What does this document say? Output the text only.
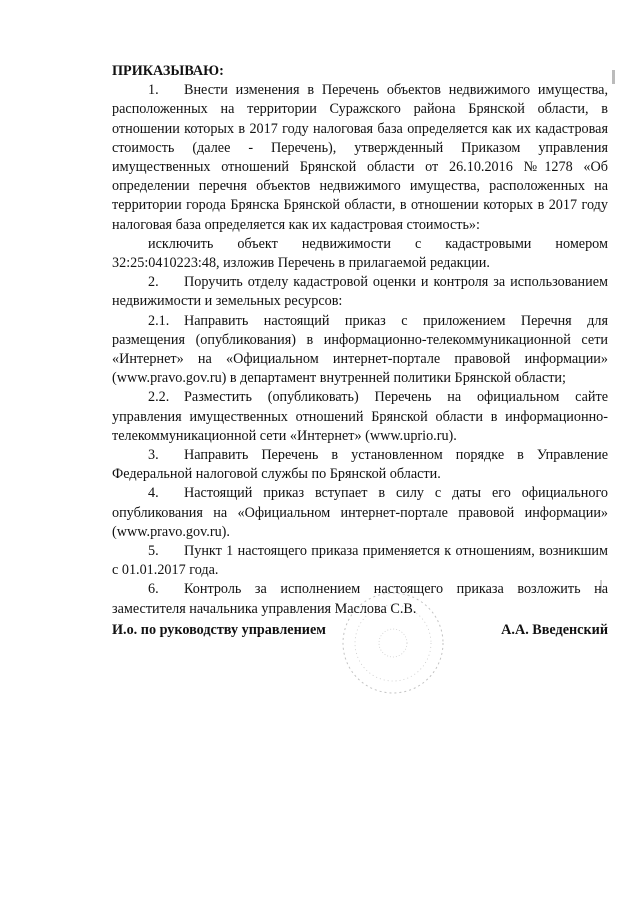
ПРИКАЗЫВАЮ:

1. Внести изменения в Перечень объектов недвижимого имущества, расположенных на территории Суражского района Брянской области, в отношении которых в 2017 году налоговая база определяется как их кадастровая стоимость (далее - Перечень), утвержденный Приказом управления имущественных отношений Брянской области от 26.10.2016 №1278 «Об определении перечня объектов недвижимого имущества, расположенных на территории города Брянска Брянской области, в отношении которых в 2017 году налоговая база определяется как их кадастровая стоимость»:

исключить объект недвижимости с кадастровыми номером 32:25:0410223:48, изложив Перечень в прилагаемой редакции.

2. Поручить отделу кадастровой оценки и контроля за использованием недвижимости и земельных ресурсов:

2.1. Направить настоящий приказ с приложением Перечня для размещения (опубликования) в информационно-телекоммуникационной сети «Интернет» на «Официальном интернет-портале правовой информации» (www.pravo.gov.ru) в департамент внутренней политики Брянской области;

2.2. Разместить (опубликовать) Перечень на официальном сайте управления имущественных отношений Брянской области в информационно-телекоммуникационной сети «Интернет» (www.uprio.ru).

3. Направить Перечень в установленном порядке в Управление Федеральной налоговой службы по Брянской области.

4. Настоящий приказ вступает в силу с даты его официального опубликования на «Официальном интернет-портале правовой информации» (www.pravo.gov.ru).

5. Пункт 1 настоящего приказа применяется к отношениям, возникшим с 01.01.2017 года.

6. Контроль за исполнением настоящего приказа возложить на заместителя начальника управления Маслова С.В.

И.о. по руководству управлением	А.А. Введенский
